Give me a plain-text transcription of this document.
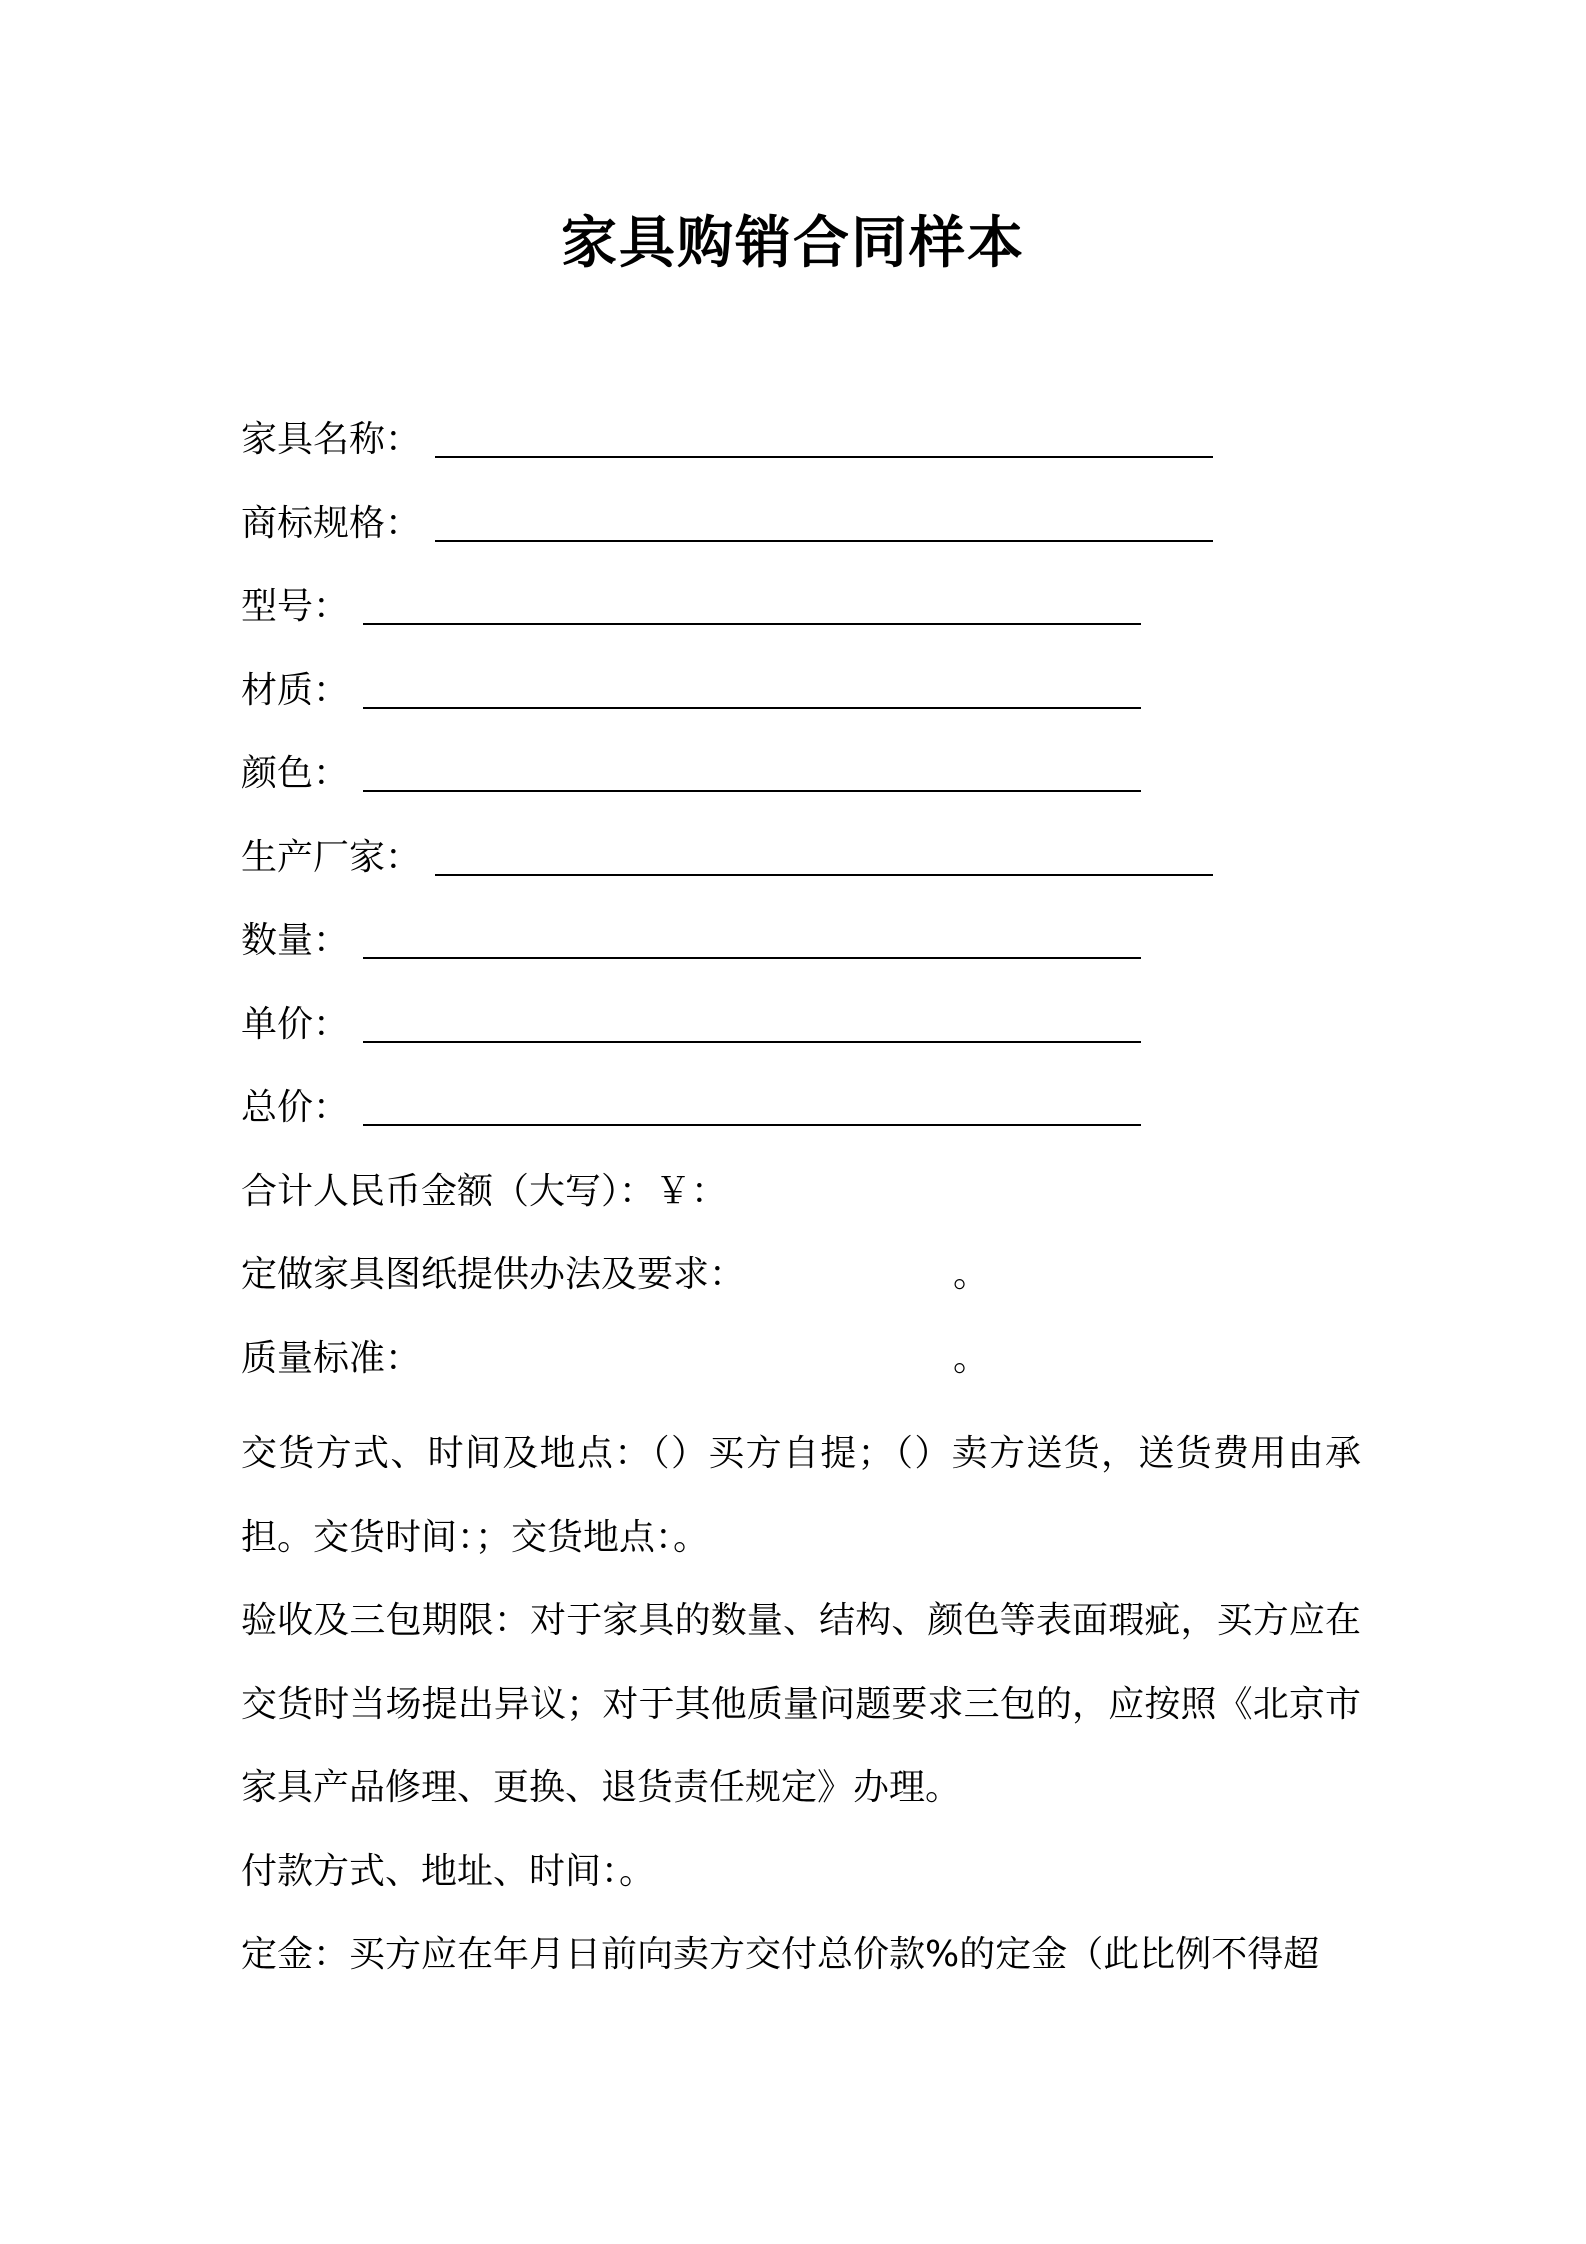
家具购销合同样本
家具名称：
商标规格：
型号：
材质：
颜色：
生产厂家：
数量：
单价：
总价：
合计人民币金额（大写）：￥：
定做家具图纸提供办法及要求：	。
质量标准：	。
交货方式、时间及地点：（）买方自提；（）卖方送货，送货费用由承担。交货时间：；交货地点：。
验收及三包期限：对于家具的数量、结构、颜色等表面瑕疵，买方应在交货时当场提出异议；对于其他质量问题要求三包的，应按照《北京市家具产品修理、更换、退货责任规定》办理。
付款方式、地址、时间：。
定金：买方应在年月日前向卖方交付总价款%的定金（此比例不得超
